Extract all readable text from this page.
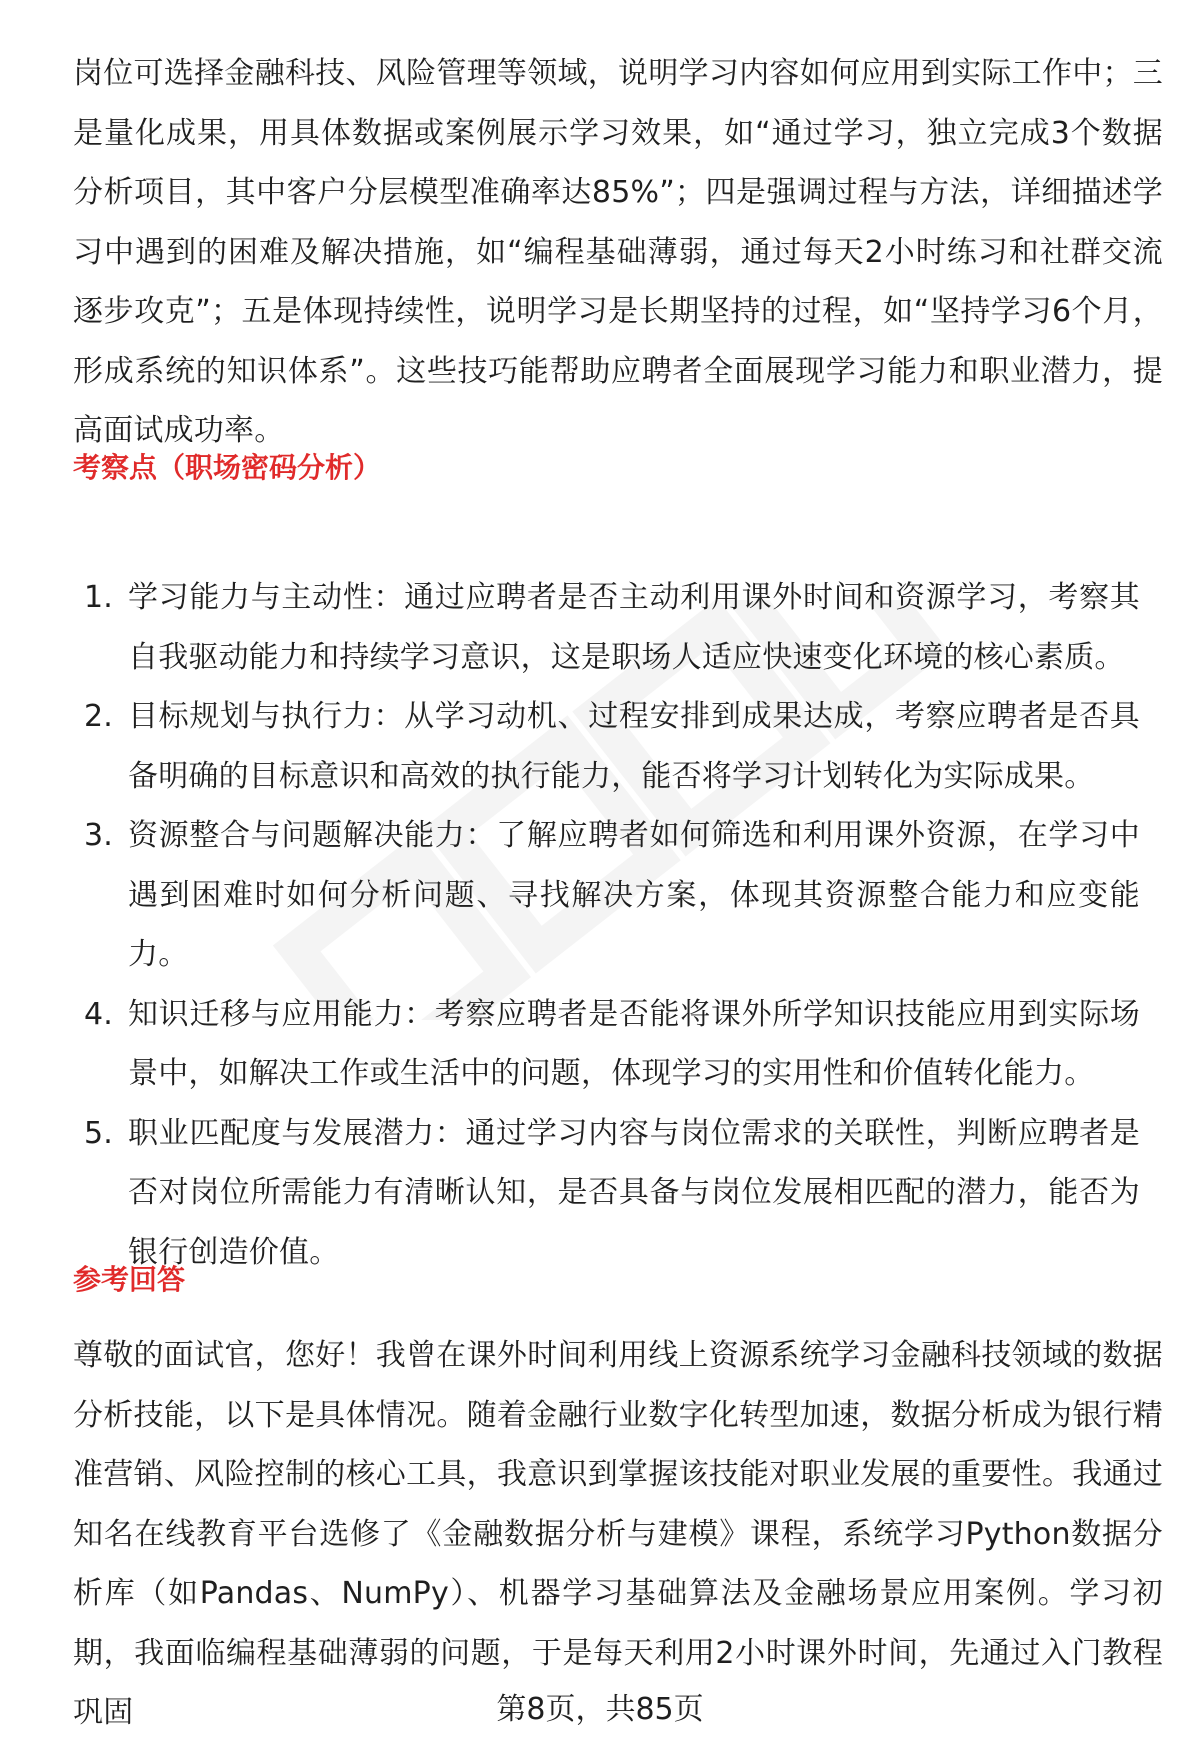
岗位可选择金融科技、风险管理等领域，说明学习内容如何应用到实际工作中；三是量化成果，用具体数据或案例展示学习效果，如“通过学习，独立完成3个数据分析项目，其中客户分层模型准确率达85%”；四是强调过程与方法，详细描述学习中遇到的困难及解决措施，如“编程基础薄弱，通过每天2小时练习和社群交流逐步攻克”；五是体现持续性，说明学习是长期坚持的过程，如“坚持学习6个月，形成系统的知识体系”。这些技巧能帮助应聘者全面展现学习能力和职业潜力，提高面试成功率。

考察点（职场密码分析）
1. 学习能力与主动性：通过应聘者是否主动利用课外时间和资源学习，考察其自我驱动能力和持续学习意识，这是职场人适应快速变化环境的核心素质。
2. 目标规划与执行力：从学习动机、过程安排到成果达成，考察应聘者是否具备明确的目标意识和高效的执行能力，能否将学习计划转化为实际成果。
3. 资源整合与问题解决能力：了解应聘者如何筛选和利用课外资源，在学习中遇到困难时如何分析问题、寻找解决方案，体现其资源整合能力和应变能力。
4. 知识迁移与应用能力：考察应聘者是否能将课外所学知识技能应用到实际场景中，如解决工作或生活中的问题，体现学习的实用性和价值转化能力。
5. 职业匹配度与发展潜力：通过学习内容与岗位需求的关联性，判断应聘者是否对岗位所需能力有清晰认知，是否具备与岗位发展相匹配的潜力，能否为银行创造价值。
参考回答

尊敬的面试官，您好！我曾在课外时间利用线上资源系统学习金融科技领域的数据分析技能，以下是具体情况。随着金融行业数字化转型加速，数据分析成为银行精准营销、风险控制的核心工具，我意识到掌握该技能对职业发展的重要性。我通过知名在线教育平台选修了《金融数据分析与建模》课程，系统学习Python数据分析库（如Pandas、NumPy）、机器学习基础算法及金融场景应用案例。学习初期，我面临编程基础薄弱的问题，于是每天利用2小时课外时间，先通过入门教程巩固	第8页，共85页
